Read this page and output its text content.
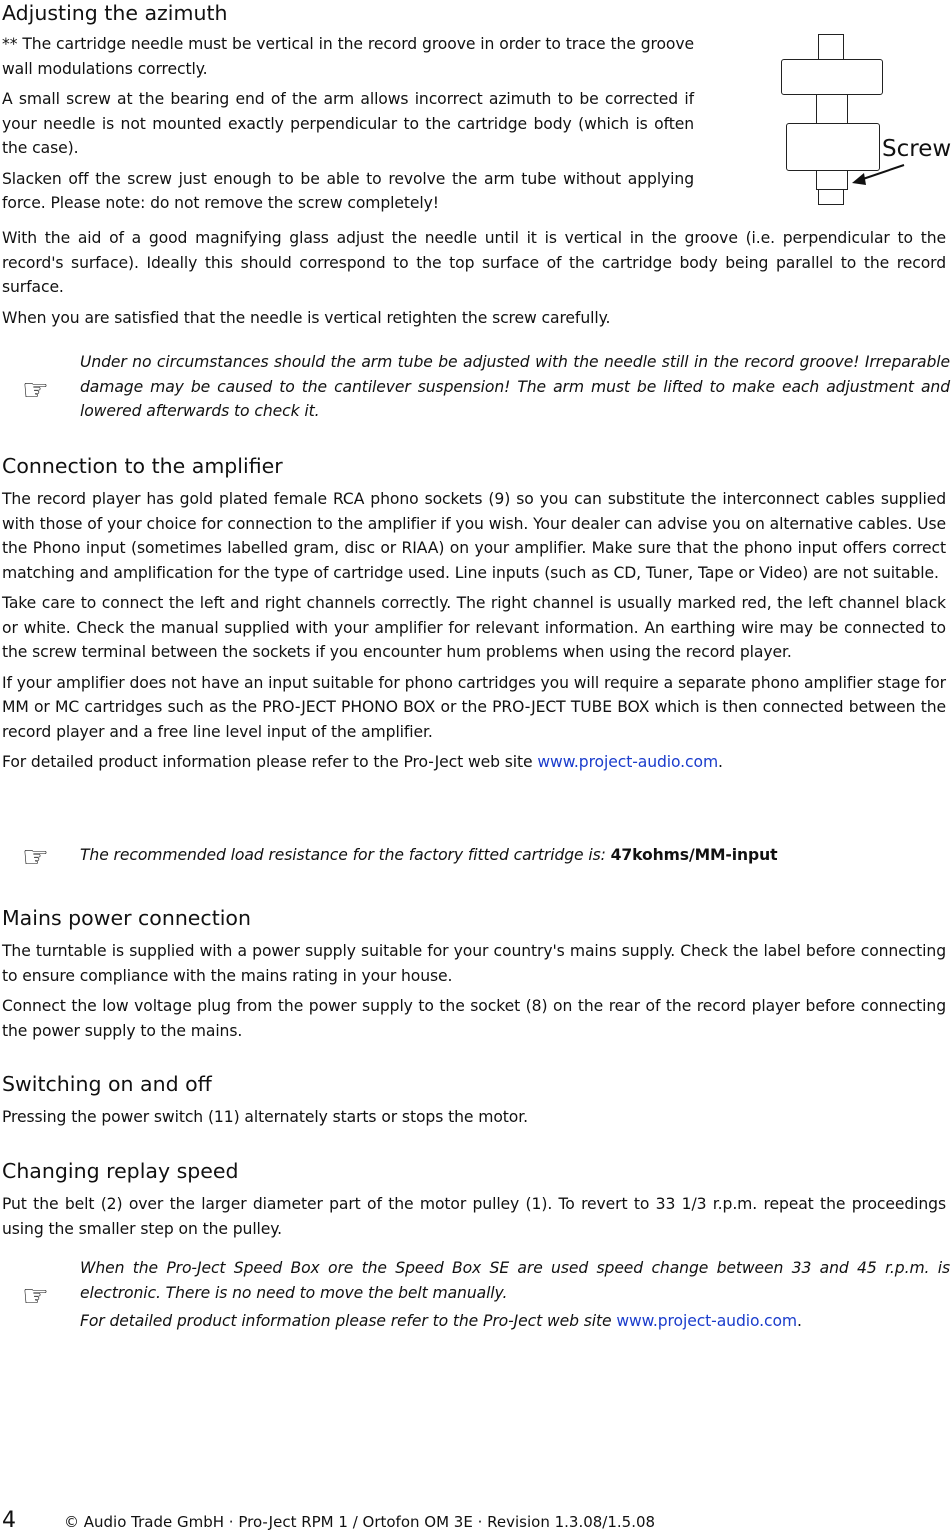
Adjusting the azimuth

** The cartridge needle must be vertical in the record groove in order to trace the groove wall modulations correctly.

A small screw at the bearing end of the arm allows incorrect azimuth to be corrected if your needle is not mounted exactly perpendicular to the cartridge body (which is often the case).

Slacken off the screw just enough to be able to revolve the arm tube without applying force. Please note: do not remove the screw completely!

Screw

With the aid of a good magnifying glass adjust the needle until it is vertical in the groove (i.e. perpendicular to the record's surface). Ideally this should correspond to the top surface of the cartridge body being parallel to the record surface.

When you are satisfied that the needle is vertical retighten the screw carefully.

☞

Under no circumstances should the arm tube be adjusted with the needle still in the record groove! Irreparable damage may be caused to the cantilever suspension! The arm must be lifted to make each adjustment and lowered afterwards to check it.

Connection to the amplifier

The record player has gold plated female RCA phono sockets (9) so you can substitute the interconnect cables supplied with those of your choice for connection to the amplifier if you wish. Your dealer can advise you on alternative cables. Use the Phono input (sometimes labelled gram, disc or RIAA) on your amplifier. Make sure that the phono input offers correct matching and amplification for the type of cartridge used. Line inputs (such as CD, Tuner, Tape or Video) are not suitable.

Take care to connect the left and right channels correctly. The right channel is usually marked red, the left channel black or white. Check the manual supplied with your amplifier for relevant information. An earthing wire may be connected to the screw terminal between the sockets if you encounter hum problems when using the record player.

If your amplifier does not have an input suitable for phono cartridges you will require a separate phono amplifier stage for MM or MC cartridges such as the PRO-JECT PHONO BOX or the PRO-JECT TUBE BOX which is then connected between the record player and a free line level input of the amplifier.

For detailed product information please refer to the Pro-Ject web site www.project-audio.com.

☞ The recommended load resistance for the factory fitted cartridge is: 47kohms/MM-input

Mains power connection

The turntable is supplied with a power supply suitable for your country's mains supply. Check the label before connecting to ensure compliance with the mains rating in your house.

Connect the low voltage plug from the power supply to the socket (8) on the rear of the record player before connecting the power supply to the mains.

Switching on and off

Pressing the power switch (11) alternately starts or stops the motor.

Changing replay speed

Put the belt (2) over the larger diameter part of the motor pulley (1). To revert to 33 1/3 r.p.m. repeat the proceedings using the smaller step on the pulley.

☞

When the Pro-Ject Speed Box ore the Speed Box SE are used speed change between 33 and 45 r.p.m. is electronic. There is no need to move the belt manually.

For detailed product information please refer to the Pro-Ject web site www.project-audio.com.

4	© Audio Trade GmbH · Pro-Ject RPM 1 / Ortofon OM 3E · Revision 1.3.08/1.5.08
